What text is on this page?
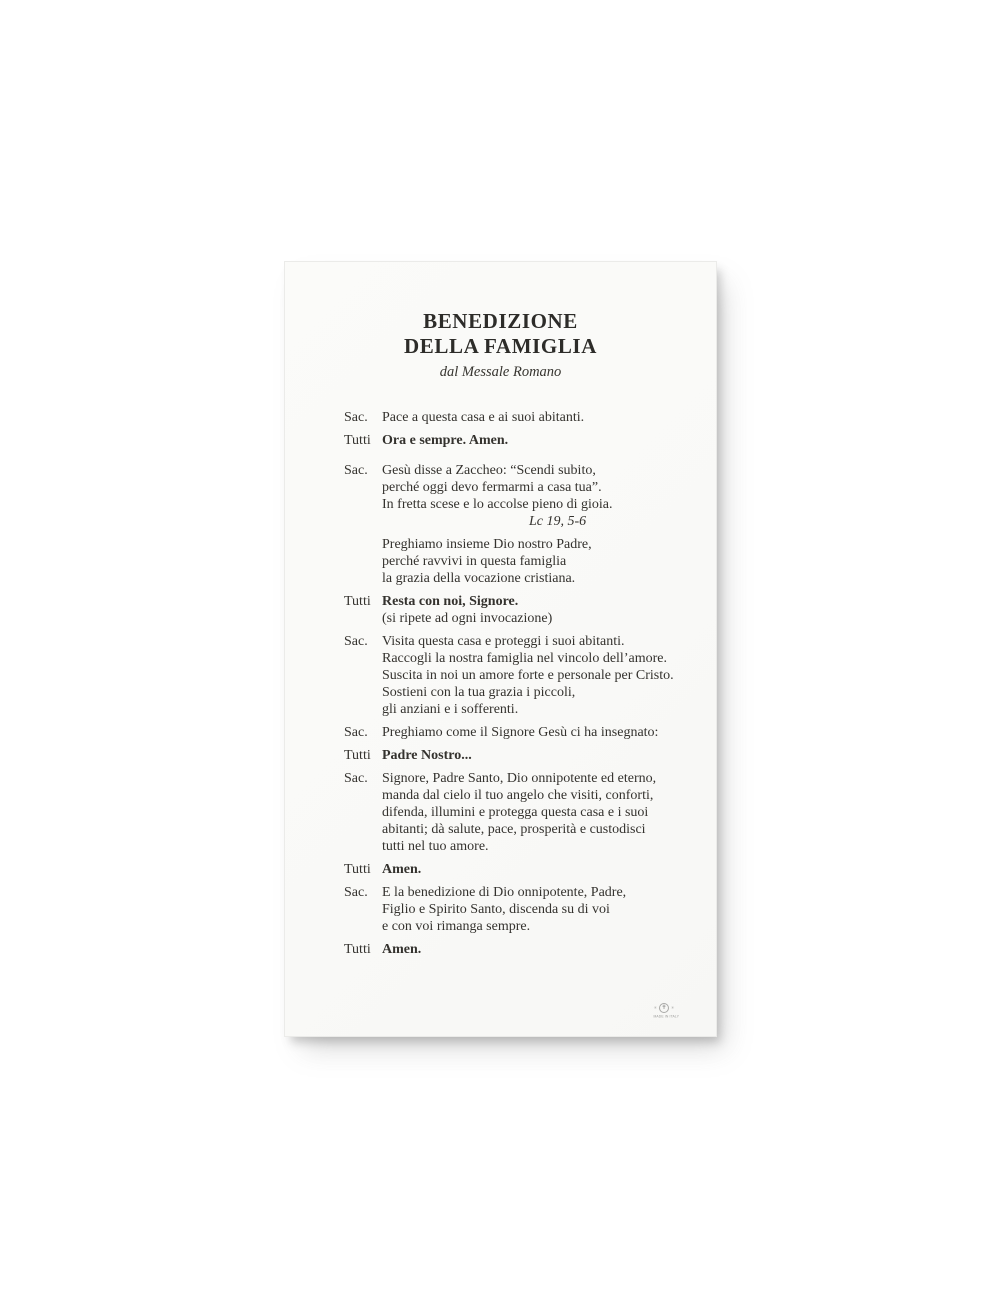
BENEDIZIONE
DELLA FAMIGLIA
dal Messale Romano
Sac.	Pace a questa casa e ai suoi abitanti.
Tutti Ora e sempre. Amen.
Sac.	Gesù disse a Zaccheo: “Scendi subito,
perché oggi devo fermarmi a casa tua”.
In fretta scese e lo accolse pieno di gioia.
Lc 19, 5-6
Preghiamo insieme Dio nostro Padre,
perché ravvivi in questa famiglia
la grazia della vocazione cristiana.
Tutti Resta con noi, Signore.
(si ripete ad ogni invocazione)
Sac.	Visita questa casa e proteggi i suoi abitanti.
Raccogli la nostra famiglia nel vincolo dell’amore.
Suscita in noi un amore forte e personale per Cristo.
Sostieni con la tua grazia i piccoli,
gli anziani e i sofferenti.
Sac.	Preghiamo come il Signore Gesù ci ha insegnato:
Tutti Padre Nostro...
Sac.	Signore, Padre Santo, Dio onnipotente ed eterno,
manda dal cielo il tuo angelo che visiti, conforti,
difenda, illumini e protegga questa casa e i suoi
abitanti; dà salute, pace, prosperità e custodisci
tutti nel tuo amore.
Tutti Amen.
Sac.	E la benedizione di Dio onnipotente, Padre,
Figlio e Spirito Santo, discenda su di voi
e con voi rimanga sempre.
Tutti Amen.
✳ ✝	✳
MADE IN ITALY
